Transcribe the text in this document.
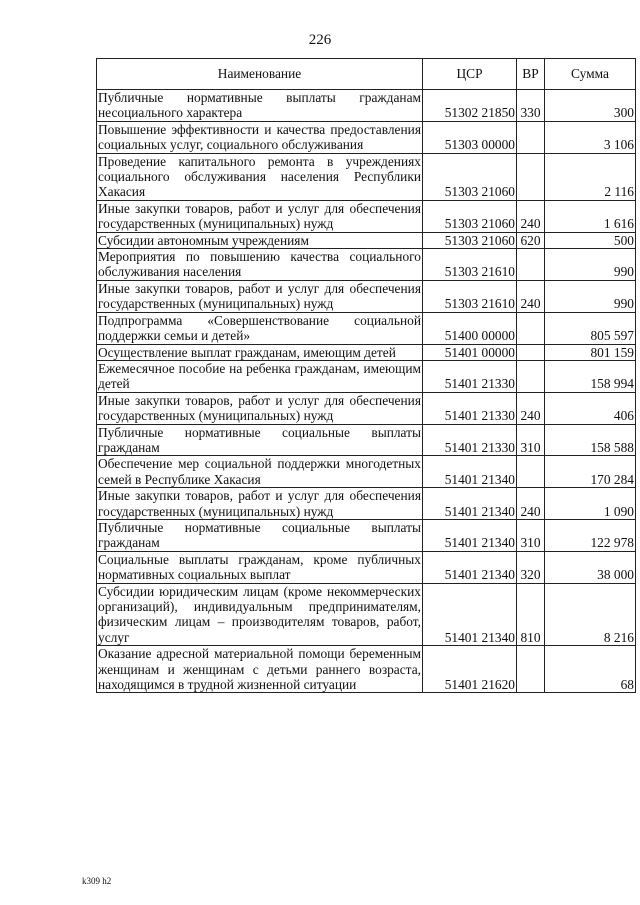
226
Наименование	ЦСР	ВР	Сумма
Публичные нормативные выплаты гражданам несоциального характера	51302 21850	330	300
Повышение эффективности и качества предоставления социальных услуг, социального обслуживания	51303 00000		3 106
Проведение капитального ремонта в учреждениях социального обслуживания населения Республики Хакасия	51303 21060		2 116
Иные закупки товаров, работ и услуг для обеспечения государственных (муниципальных) нужд	51303 21060	240	1 616
Субсидии автономным учреждениям	51303 21060	620	500
Мероприятия по повышению качества социального обслуживания населения	51303 21610		990
Иные закупки товаров, работ и услуг для обеспечения государственных (муниципальных) нужд	51303 21610	240	990
Подпрограмма «Совершенствование социальной поддержки семьи и детей»	51400 00000		805 597
Осуществление выплат гражданам, имеющим детей	51401 00000		801 159
Ежемесячное пособие на ребенка гражданам, имеющим детей	51401 21330		158 994
Иные закупки товаров, работ и услуг для обеспечения государственных (муниципальных) нужд	51401 21330	240	406
Публичные нормативные социальные выплаты гражданам	51401 21330	310	158 588
Обеспечение мер социальной поддержки многодетных семей в Республике Хакасия	51401 21340		170 284
Иные закупки товаров, работ и услуг для обеспечения государственных (муниципальных) нужд	51401 21340	240	1 090
Публичные нормативные социальные выплаты гражданам	51401 21340	310	122 978
Социальные выплаты гражданам, кроме публичных нормативных социальных выплат	51401 21340	320	38 000
Субсидии юридическим лицам (кроме некоммерческих организаций), индивидуальным предпринимателям, физическим лицам – производителям товаров, работ, услуг	51401 21340	810	8 216
Оказание адресной материальной помощи беременным женщинам и женщинам с детьми раннего возраста, находящимся в трудной жизненной ситуации	51401 21620		68
k309 h2
